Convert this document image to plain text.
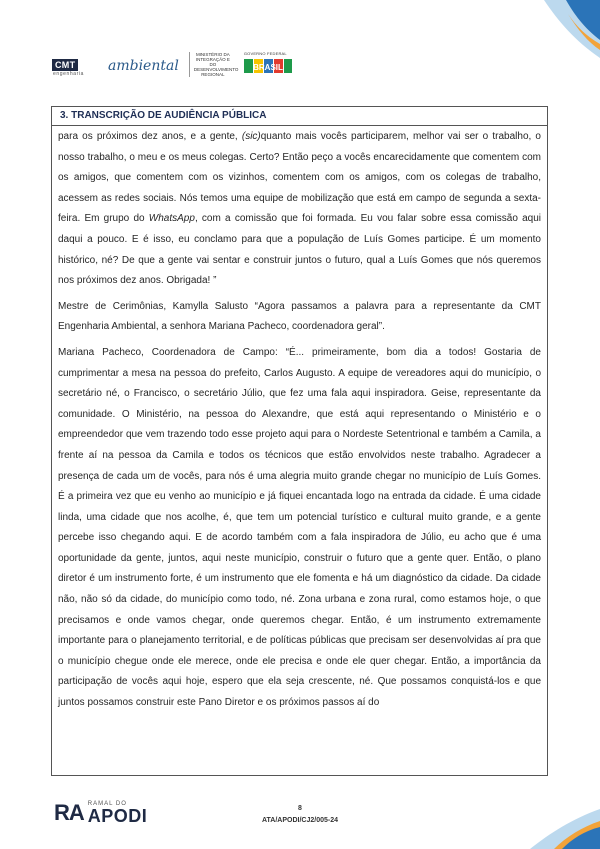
CMT
engenharia ambiental
MINISTÉRIO DA INTEGRAÇÃO E DO DESENVOLVIMENTO REGIONAL
GOVERNO FEDERAL
BRASIL
3. TRANSCRIÇÃO DE AUDIÊNCIA PÚBLICA

para os próximos dez anos, e a gente, (sic)quanto mais vocês participarem, melhor vai ser o trabalho, o nosso trabalho, o meu e os meus colegas. Certo? Então peço a vocês encarecidamente que comentem com os amigos, que comentem com os vizinhos, comentem com os amigos, com os colegas de trabalho, acessem as redes sociais. Nós temos uma equipe de mobilização que está em campo de segunda a sexta-feira. Em grupo do WhatsApp, com a comissão que foi formada. Eu vou falar sobre essa comissão aqui daqui a pouco. E é isso, eu conclamo para que a população de Luís Gomes participe. É um momento histórico, né? De que a gente vai sentar e construir juntos o futuro, qual a Luís Gomes que nós queremos nos próximos dez anos. Obrigada! ”

Mestre de Cerimônias, Kamylla Salusto “Agora passamos a palavra para a representante da CMT Engenharia Ambiental, a senhora Mariana Pacheco, coordenadora geral”.

Mariana Pacheco, Coordenadora de Campo: “É... primeiramente, bom dia a todos! Gostaria de cumprimentar a mesa na pessoa do prefeito, Carlos Augusto. A equipe de vereadores aqui do município, o secretário né, o Francisco, o secretário Júlio, que fez uma fala aqui inspiradora. Geise, representante da comunidade. O Ministério, na pessoa do Alexandre, que está aqui representando o Ministério e o empreendedor que vem trazendo todo esse projeto aqui para o Nordeste Setentrional e também a Camila, a frente aí na pessoa da Camila e todos os técnicos que estão envolvidos neste trabalho. Agradecer a presença de cada um de vocês, para nós é uma alegria muito grande chegar no município de Luís Gomes. É a primeira vez que eu venho ao município e já fiquei encantada logo na entrada da cidade. É uma cidade linda, uma cidade que nos acolhe, é, que tem um potencial turístico e cultural muito grande, e a gente percebe isso chegando aqui. E de acordo também com a fala inspiradora de Júlio, eu acho que é uma oportunidade da gente, juntos, aqui neste município, construir o futuro que a gente quer. Então, o plano diretor é um instrumento forte, é um instrumento que ele fomenta e há um diagnóstico da cidade. Da cidade não, não só da cidade, do município como todo, né. Zona urbana e zona rural, como estamos hoje, o que precisamos e onde vamos chegar, onde queremos chegar. Então, é um instrumento extremamente importante para o planejamento territorial, e de políticas públicas que precisam ser desenvolvidas aí pra que o município chegue onde ele merece, onde ele precisa e onde ele quer chegar. Então, a importância da participação de vocês aqui hoje, espero que ela seja crescente, né. Que possamos conquistá-los e que juntos possamos construir este Pano Diretor e os próximos passos aí do

RA RAMAL DO
APODI	8
ATA/APODI/CJ2/005-24
